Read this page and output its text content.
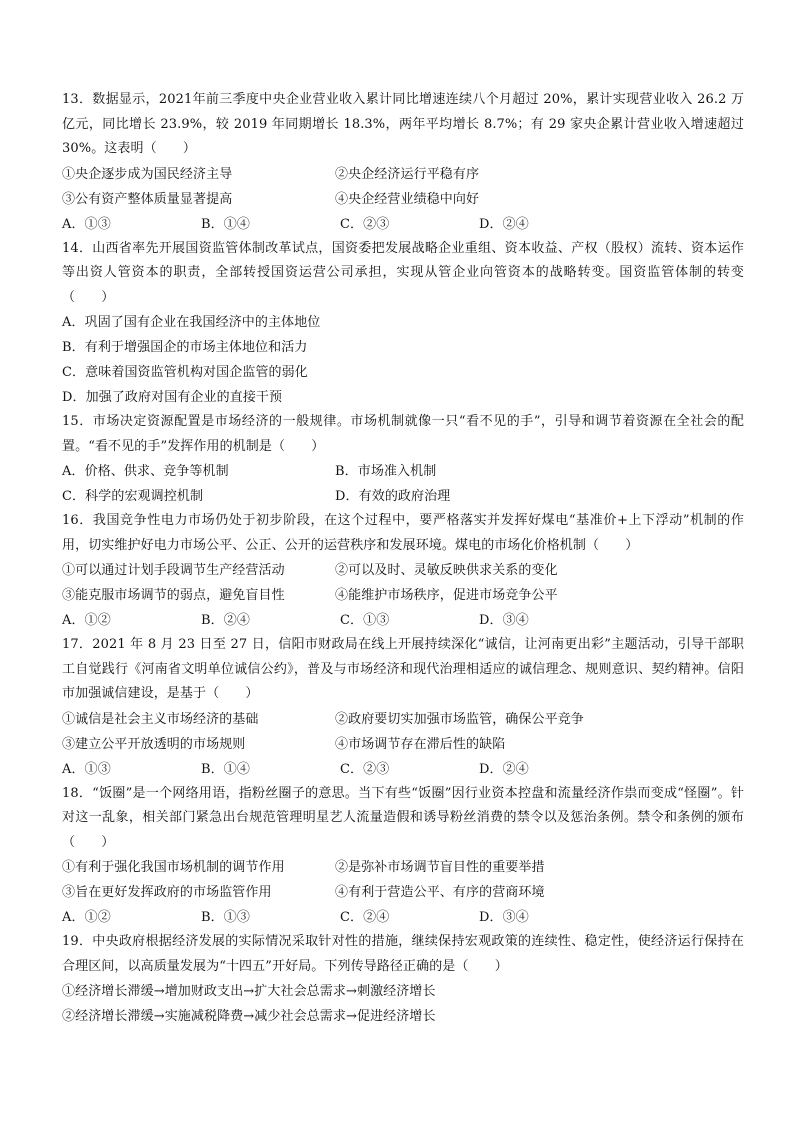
13．数据显示，2021年前三季度中央企业营业收入累计同比增速连续八个月超过 20%，累计实现营业收入 26.2 万亿元，同比增长 23.9%，较 2019 年同期增长 18.3%，两年平均增长 8.7%；有 29 家央企累计营业收入增速超过 30%。这表明（　　）

①央企逐步成为国民经济主导	②央企经济运行平稳有序
③公有资产整体质量显著提高	④央企经营业绩稳中向好
A．①③	B．①④	C．②③	D．②④

14．山西省率先开展国资监管体制改革试点，国资委把发展战略企业重组、资本收益、产权（股权）流转、资本运作等出资人管资本的职责，全部转授国资运营公司承担，实现从管企业向管资本的战略转变。国资监管体制的转变（　　）

A．巩固了国有企业在我国经济中的主体地位
B．有利于增强国企的市场主体地位和活力
C．意味着国资监管机构对国企监管的弱化
D．加强了政府对国有企业的直接干预

15．市场决定资源配置是市场经济的一般规律。市场机制就像一只“看不见的手”，引导和调节着资源在全社会的配置。“看不见的手”发挥作用的机制是（　　）

A．价格、供求、竞争等机制	B．市场准入机制
C．科学的宏观调控机制	D．有效的政府治理

16．我国竞争性电力市场仍处于初步阶段，在这个过程中，要严格落实并发挥好煤电“基准价+上下浮动”机制的作用，切实维护好电力市场公平、公正、公开的运营秩序和发展环境。煤电的市场化价格机制（　　）

①可以通过计划手段调节生产经营活动	②可以及时、灵敏反映供求关系的变化
③能克服市场调节的弱点，避免盲目性	④能维护市场秩序，促进市场竞争公平
A．①②	B．②④	C．①③	D．③④

17．2021 年 8 月 23 日至 27 日，信阳市财政局在线上开展持续深化“诚信，让河南更出彩”主题活动，引导干部职工自觉践行《河南省文明单位诚信公约》，普及与市场经济和现代治理相适应的诚信理念、规则意识、契约精神。信阳市加强诚信建设，是基于（　　）

①诚信是社会主义市场经济的基础	②政府要切实加强市场监管，确保公平竞争
③建立公平开放透明的市场规则	④市场调节存在滞后性的缺陷
A．①③	B．①④	C．②③	D．②④

18．“饭圈”是一个网络用语，指粉丝圈子的意思。当下有些“饭圈”因行业资本控盘和流量经济作祟而变成“怪圈”。针对这一乱象，相关部门紧急出台规范管理明星艺人流量造假和诱导粉丝消费的禁令以及惩治条例。禁令和条例的颁布（　　）

①有利于强化我国市场机制的调节作用	②是弥补市场调节盲目性的重要举措
③旨在更好发挥政府的市场监管作用	④有利于营造公平、有序的营商环境
A．①②	B．①③	C．②④	D．③④

19．中央政府根据经济发展的实际情况采取针对性的措施，继续保持宏观政策的连续性、稳定性，使经济运行保持在合理区间，以高质量发展为“十四五”开好局。下列传导路径正确的是（　　）

①经济增长滞缓→增加财政支出→扩大社会总需求→刺激经济增长
②经济增长滞缓→实施减税降费→减少社会总需求→促进经济增长
